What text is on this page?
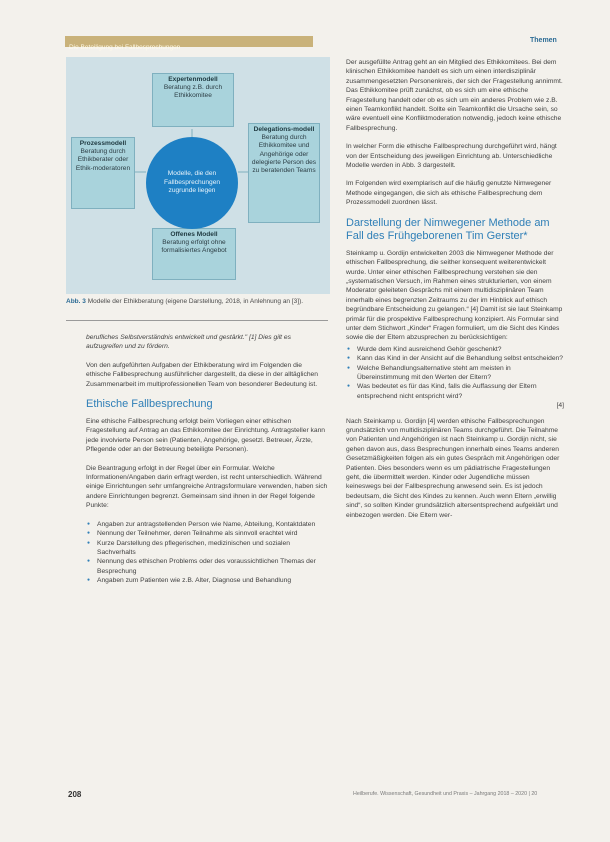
Die Beteiligung bei Fallbesprechungen
Themen
Expertenmodell
Beratung z.B. durch Ethikkomitee
Prozessmodell
Beratung durch Ethikberater oder Ethik-moderatoren
Delegations-modell
Beratung durch Ethikkomitee und Angehörige oder delegierte Person des zu beratenden Teams
Offenes Modell
Beratung erfolgt ohne formalisiertes Angebot
Modelle, die den Fallbesprechungen zugrunde liegen
Abb. 3 Modelle der Ethikberatung (eigene Darstellung, 2018, in Anlehnung an [3]).

berufliches Selbstverständnis entwickelt und gestärkt." [1] Dies gilt es aufzugreifen und zu fördern.

Von den aufgeführten Aufgaben der Ethikberatung wird im Folgenden die ethische Fallbesprechung ausführlicher dargestellt, da diese in der alltäglichen Zusammenarbeit im multiprofessionellen Team von besonderer Bedeutung ist.

Ethische Fallbesprechung

Eine ethische Fallbesprechung erfolgt beim Vorliegen einer ethischen Fragestellung auf Antrag an das Ethikkomitee der Einrichtung. Antragsteller kann jede involvierte Person sein (Patienten, Angehörige, gesetzl. Betreuer, Ärzte, Pflegende oder an der Betreuung beteiligte Personen).

Die Beantragung erfolgt in der Regel über ein Formular. Welche Informationen/Angaben darin erfragt werden, ist recht unterschiedlich. Während einige Einrichtungen sehr umfangreiche Antragsformulare verwenden, haben sich andere Einrichtungen begrenzt. Gemeinsam sind ihnen in der Regel folgende Punkte:

● Angaben zur antragstellenden Person wie Name, Abteilung, Kontaktdaten
● Nennung der Teilnehmer, deren Teilnahme als sinnvoll erachtet wird
● Kurze Darstellung des pflegerischen, medizinischen und sozialen Sachverhalts
● Nennung des ethischen Problems oder des voraussichtlichen Themas der Besprechung
● Angaben zum Patienten wie z.B. Alter, Diagnose und Behandlung

Der ausgefüllte Antrag geht an ein Mitglied des Ethikkomitees. Bei dem klinischen Ethikkomitee handelt es sich um einen interdisziplinär zusammengesetzten Personenkreis, der sich der Fragestellung annimmt. Das Ethikkomitee prüft zunächst, ob es sich um eine ethische Fragestellung handelt oder ob es sich um ein anderes Problem wie z.B. einen Teamkonflikt handelt. Sollte ein Teamkonflikt die Ursache sein, so wäre eventuell eine Konfliktmoderation notwendig, jedoch keine ethische Fallbesprechung.

In welcher Form die ethische Fallbesprechung durchgeführt wird, hängt von der Entscheidung des jeweiligen Einrichtung ab. Unterschiedliche Modelle werden in Abb. 3 dargestellt.

Im Folgenden wird exemplarisch auf die häufig genutzte Nimwegener Methode eingegangen, die sich als ethische Fallbesprechung dem Prozessmodell zuordnen lässt.

Darstellung der Nimwegener Methode am Fall des Frühgeborenen Tim Gerster*

Steinkamp u. Gordijn entwickelten 2003 die Nimwegener Methode der ethischen Fallbesprechung, die seither konsequent weiterentwickelt wurde. Unter einer ethischen Fallbesprechung verstehen sie den „systematischen Versuch, im Rahmen eines strukturierten, von einem Moderator geleiteten Gesprächs mit einem multidisziplinären Team innerhalb eines begrenzten Zeitraums zu der im Hinblick auf ethisch begründbare Entscheidung zu gelangen.“ [4] Damit ist sie laut Steinkamp primär für die prospektive Fallbesprechung konzipiert. Als Formular sind unter dem Stichwort „Kinder“ Fragen formuliert, um die Sicht des Kindes sowie die der Eltern abzusprechen zu berücksichtigen:

● Wurde dem Kind ausreichend Gehör geschenkt?
● Kann das Kind in der Ansicht auf die Behandlung selbst entscheiden?
● Welche Behandlungsalternative steht am meisten in Übereinstimmung mit den Werten der Eltern?
● Was bedeutet es für das Kind, falls die Auffassung der Eltern entsprechend nicht entspricht wird?

[4]

Nach Steinkamp u. Gordijn [4] werden ethische Fallbesprechungen grundsätzlich von multidisziplinären Teams durchgeführt. Die Teilnahme von Patienten und Angehörigen ist nach Steinkamp u. Gordijn nicht, sie gehen davon aus, dass Besprechungen innerhalb eines Teams anderen Gesetzmäßigkeiten folgen als ein gutes Gespräch mit Angehörigen oder Patienten. Dies besonders wenn es um pädiatrische Fragestellungen geht, die übermittelt werden. Kinder oder Jugendliche müssen keineswegs bei der Fallbesprechung anwesend sein. Es ist jedoch bedeutsam, die Sicht des Kindes zu kennen. Auch wenn Eltern „erwillig sind“, so sollten Kinder grundsätzlich altersentsprechend aufgeklärt und einbezogen werden. Die Eltern wer-

208	Heilberufe. Wissenschaft, Gesundheit und Praxis – Jahrgang 2018 – 2020 | 20
